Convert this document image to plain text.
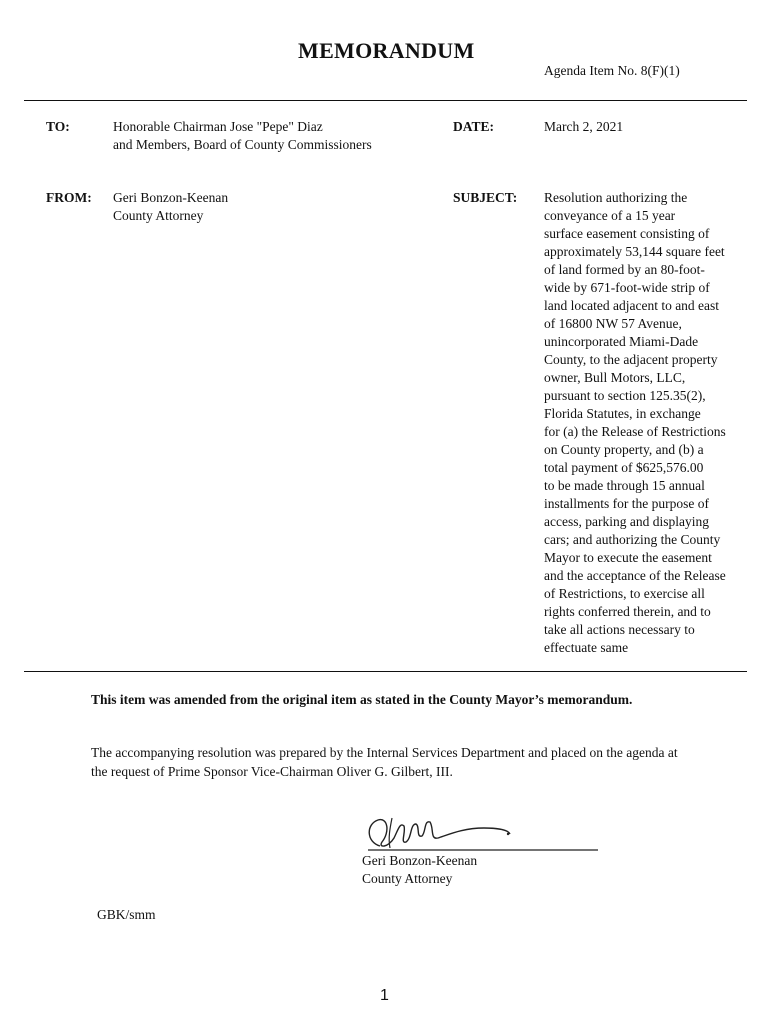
MEMORANDUM
Agenda Item No. 8(F)(1)
TO:	Honorable Chairman Jose "Pepe" Diaz
and Members, Board of County Commissioners
DATE:	March 2, 2021
FROM: Geri Bonzon-Keenan
County Attorney
SUBJECT: Resolution authorizing the
conveyance of a 15 year
surface easement consisting of
approximately 53,144 square feet
of land formed by an 80-foot-
wide by 671-foot-wide strip of
land located adjacent to and east
of 16800 NW 57 Avenue,
unincorporated Miami-Dade
County, to the adjacent property
owner, Bull Motors, LLC,
pursuant to section 125.35(2),
Florida Statutes, in exchange
for (a) the Release of Restrictions
on County property, and (b) a
total payment of $625,576.00
to be made through 15 annual
installments for the purpose of
access, parking and displaying
cars; and authorizing the County
Mayor to execute the easement
and the acceptance of the Release
of Restrictions, to exercise all
rights conferred therein, and to
take all actions necessary to
effectuate same
This item was amended from the original item as stated in the County Mayor’s memorandum.
The accompanying resolution was prepared by the Internal Services Department and placed on the agenda at the request of Prime Sponsor Vice-Chairman Oliver G. Gilbert, III.
Geri Bonzon-Keenan
County Attorney
GBK/smm
1
